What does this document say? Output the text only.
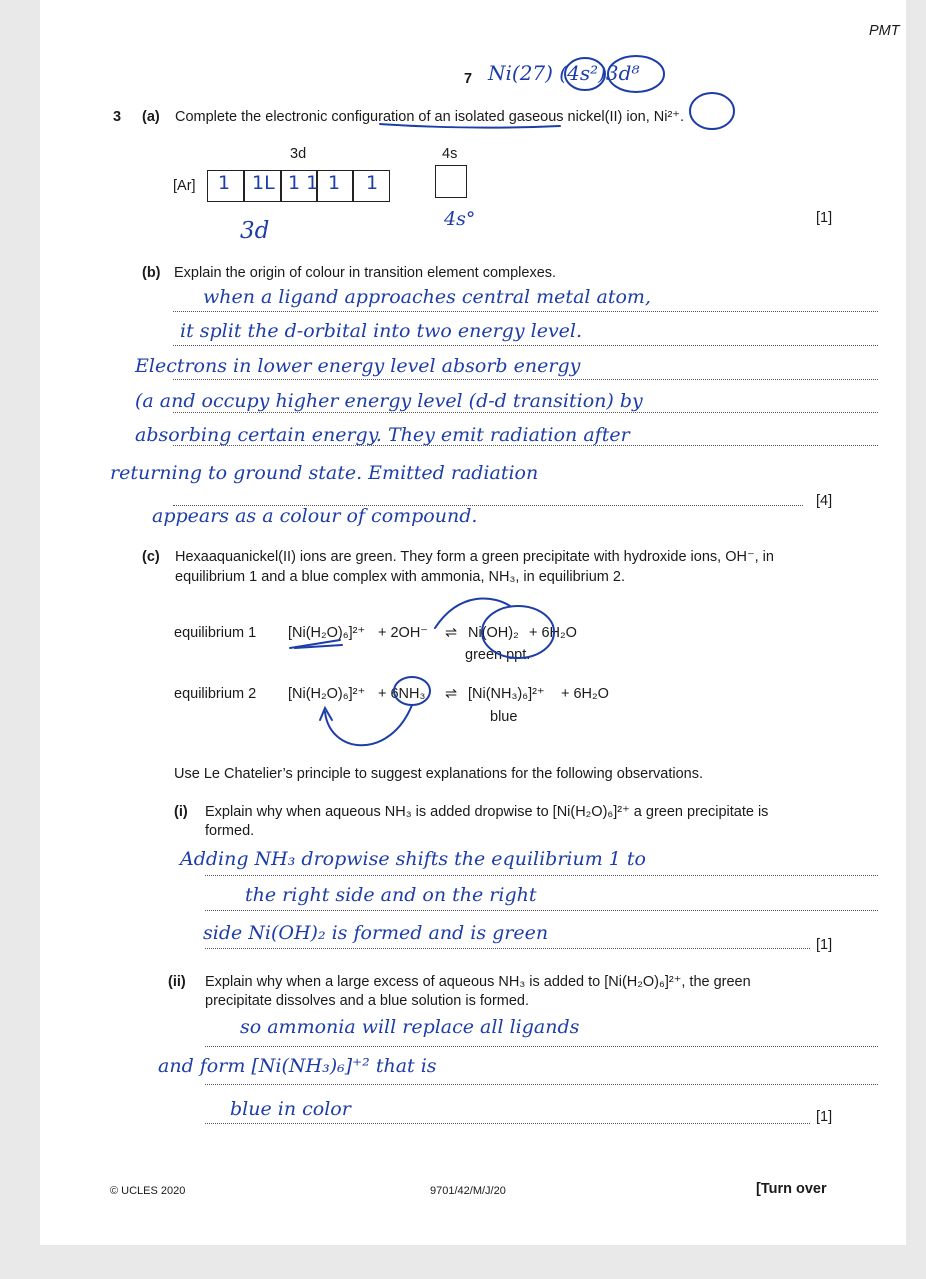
PMT
7 Ni(27) (4s²)3d⁸
3 (a) Complete the electronic configuration of an isolated gaseous nickel(II) ion, Ni²⁺.
3d	4s
[Ar] 1 1L 1 1 1 1
3d	4s°	[1]
(b) Explain the origin of colour in transition element complexes.
when a ligand approaches central metal atom,
it split the d-orbital into two energy level.
Electrons in lower energy level absorb energy
(a and occupy higher energy level (d-d transition) by
absorbing certain energy. They emit radiation after
returning to ground state. Emitted radiation
appears as a colour of compound.
[4]
(c) Hexaaquanickel(II) ions are green. They form a green precipitate with hydroxide ions, OH⁻, in
equilibrium 1 and a blue complex with ammonia, NH₃, in equilibrium 2.
equilibrium 1 [Ni(H₂O)₆]²⁺ + 2OH⁻ ⇌ Ni(OH)₂ + 6H₂O
green ppt.
equilibrium 2 [Ni(H₂O)₆]²⁺ + 6NH₃ ⇌ [Ni(NH₃)₆]²⁺ + 6H₂O
blue
Use Le Chatelier’s principle to suggest explanations for the following observations.
(i) Explain why when aqueous NH₃ is added dropwise to [Ni(H₂O)₆]²⁺ a green precipitate is
formed.
Adding NH₃ dropwise shifts the equilibrium 1 to
the right side and on the right
side Ni(OH)₂ is formed and is green
[1]
(ii) Explain why when a large excess of aqueous NH₃ is added to [Ni(H₂O)₆]²⁺, the green
precipitate dissolves and a blue solution is formed.
so ammonia will replace all ligands
and form [Ni(NH₃)₆]⁺² that is
blue in color	[1]
© UCLES 2020	9701/42/M/J/20	[Turn over
